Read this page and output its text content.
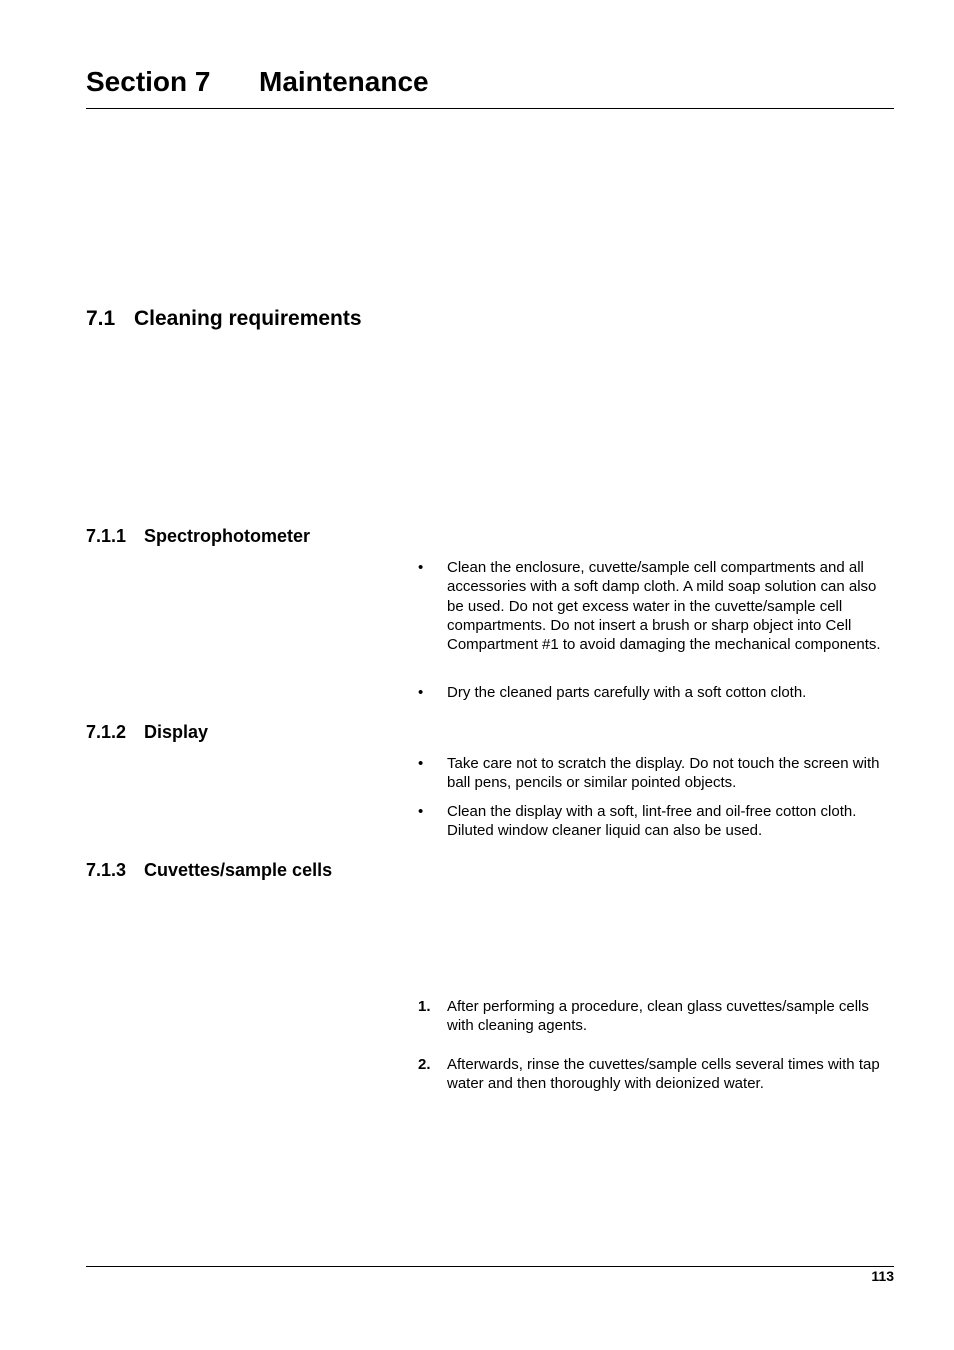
Section 7 Maintenance
7.1 Cleaning requirements
7.1.1 Spectrophotometer
•	Clean the enclosure, cuvette/sample cell compartments and all accessories with a soft damp cloth. A mild soap solution can also be used. Do not get excess water in the cuvette/sample cell compartments. Do not insert a brush or sharp object into Cell Compartment #1 to avoid damaging the mechanical components.
•	Dry the cleaned parts carefully with a soft cotton cloth.
7.1.2 Display
•	Take care not to scratch the display. Do not touch the screen with ball pens, pencils or similar pointed objects.
•	Clean the display with a soft, lint-free and oil-free cotton cloth. Diluted window cleaner liquid can also be used.
7.1.3 Cuvettes/sample cells
1.	After performing a procedure, clean glass cuvettes/sample cells with cleaning agents.
2.	Afterwards, rinse the cuvettes/sample cells several times with tap water and then thoroughly with deionized water.
113
